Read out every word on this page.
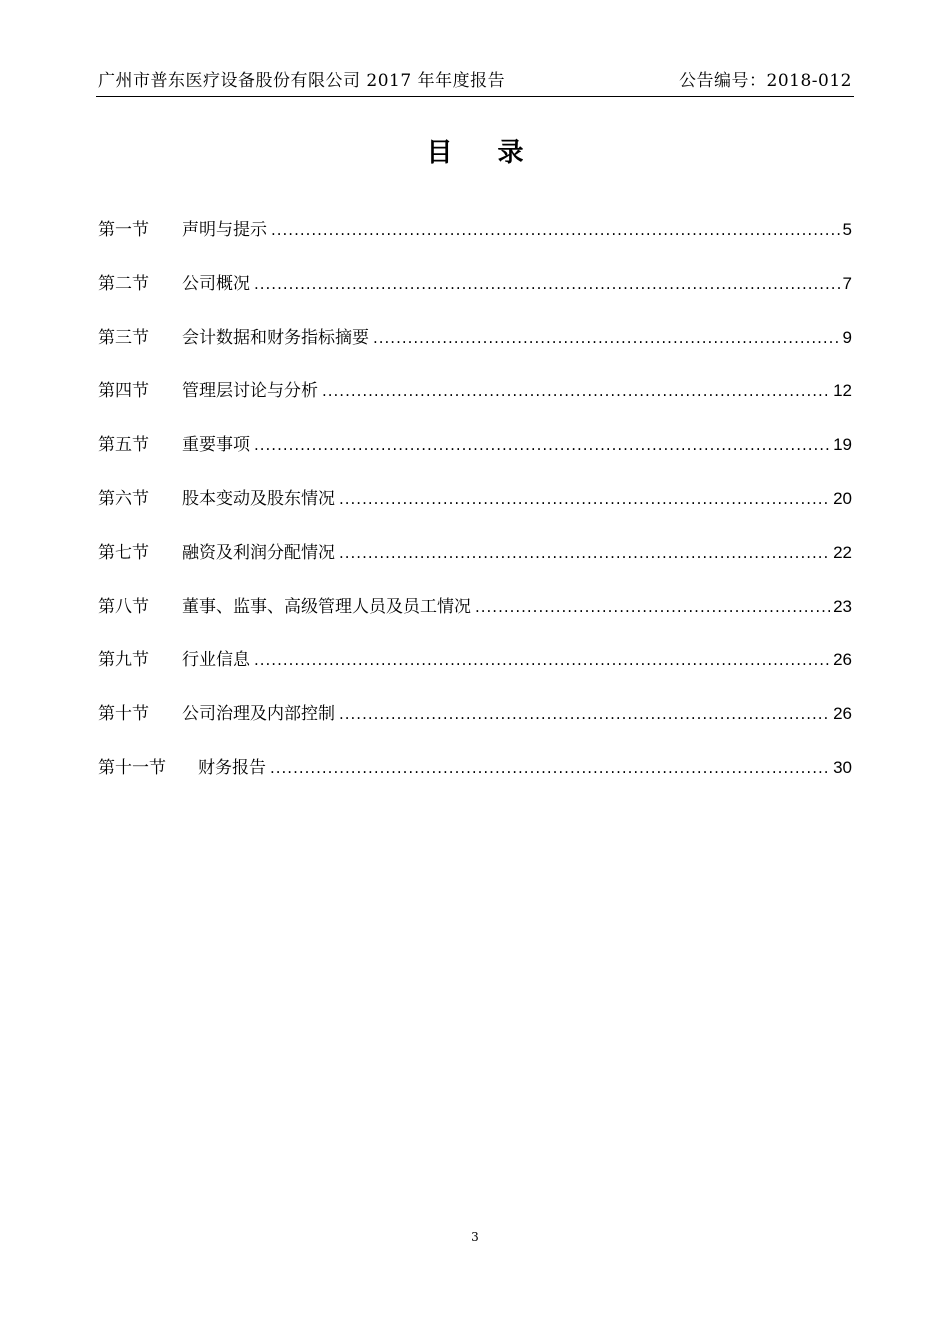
广州市普东医疗设备股份有限公司 2017 年年度报告	公告编号：2018-012
目 录
第一节	声明与提示 .....	5
第二节	公司概况 .....	7
第三节	会计数据和财务指标摘要 .....	9
第四节	管理层讨论与分析 .....	12
第五节	重要事项 .....	19
第六节	股本变动及股东情况 .....	20
第七节	融资及利润分配情况 .....	22
第八节	董事、监事、高级管理人员及员工情况 .....	23
第九节	行业信息 .....	26
第十节	公司治理及内部控制 .....	26
第十一节	财务报告 .....	30
3
